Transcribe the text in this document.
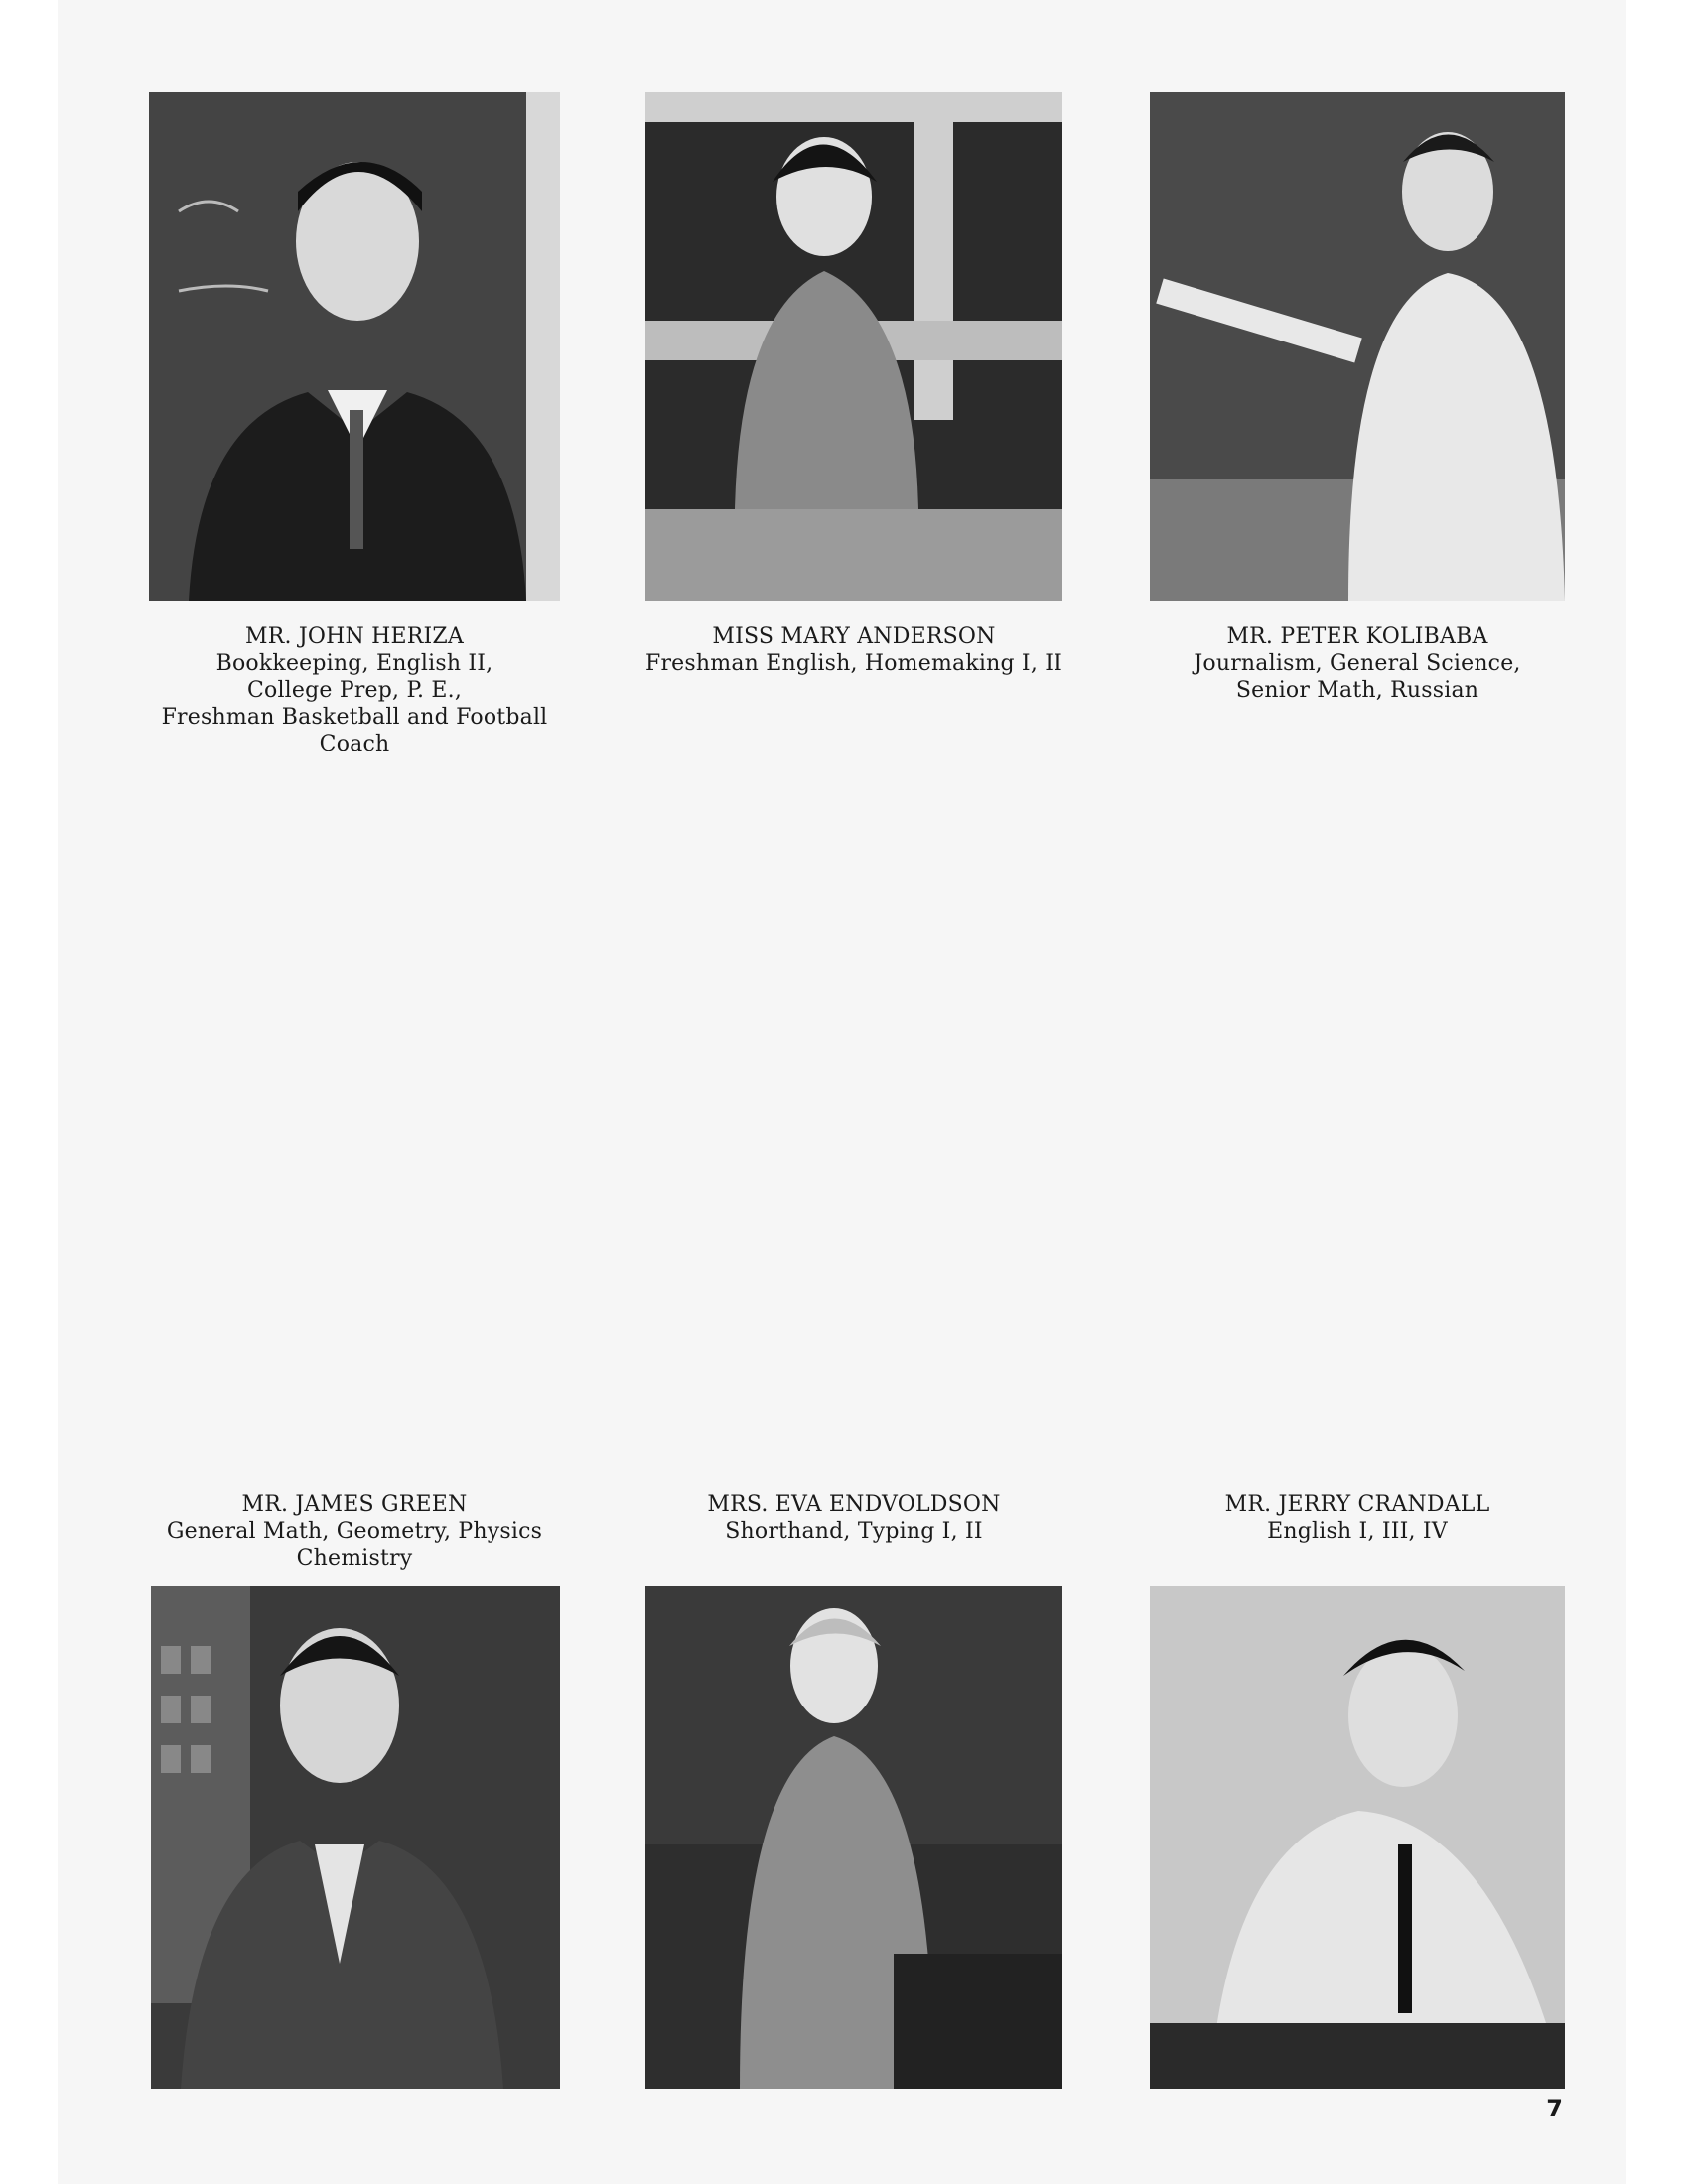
MR. JOHN HERIZA
Bookkeeping, English II,
College Prep, P. E.,
Freshman Basketball and Football
Coach
MISS MARY ANDERSON
Freshman English, Homemaking I, II
MR. PETER KOLIBABA
Journalism, General Science,
Senior Math, Russian
MR. JAMES GREEN
General Math, Geometry, Physics
Chemistry
MRS. EVA ENDVOLDSON
Shorthand, Typing I, II
MR. JERRY CRANDALL
English I, III, IV
7
